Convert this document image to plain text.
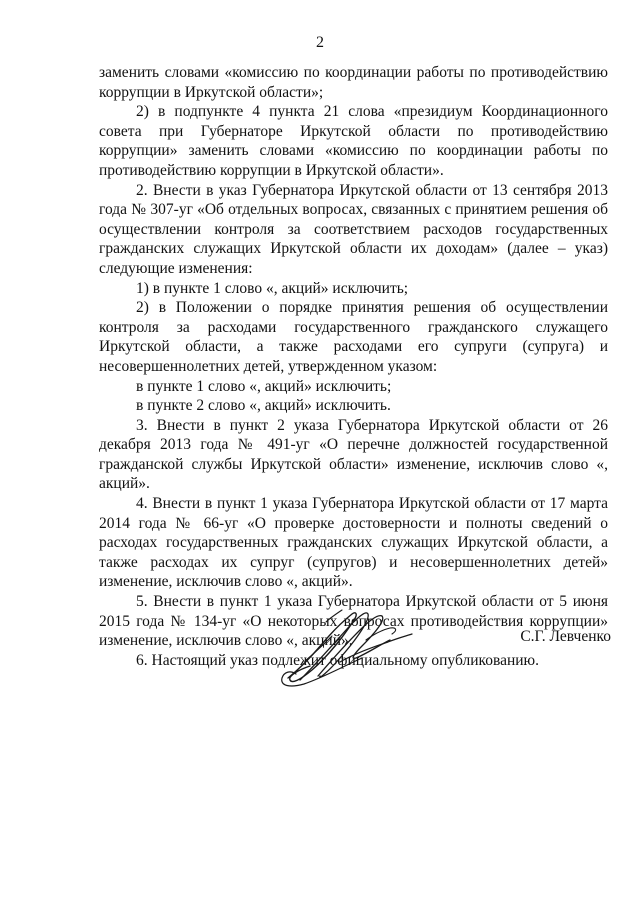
2

заменить словами «комиссию по координации работы по противодействию коррупции в Иркутской области»;

2) в подпункте 4 пункта 21 слова «президиум Координационного совета при Губернаторе Иркутской области по противодействию коррупции» заменить словами «комиссию по координации работы по противодействию коррупции в Иркутской области».

2. Внести в указ Губернатора Иркутской области от 13 сентября 2013 года № 307-уг «Об отдельных вопросах, связанных с принятием решения об осуществлении контроля за соответствием расходов государственных гражданских служащих Иркутской области их доходам» (далее – указ) следующие изменения:

1) в пункте 1 слово «, акций» исключить;

2) в Положении о порядке принятия решения об осуществлении контроля за расходами государственного гражданского служащего Иркутской области, а также расходами его супруги (супруга) и несовершеннолетних детей, утвержденном указом:

в пункте 1 слово «, акций» исключить;

в пункте 2 слово «, акций» исключить.

3. Внести в пункт 2 указа Губернатора Иркутской области от 26 декабря 2013 года № 491-уг «О перечне должностей государственной гражданской службы Иркутской области» изменение, исключив слово «, акций».

4. Внести в пункт 1 указа Губернатора Иркутской области от 17 марта 2014 года № 66-уг «О проверке достоверности и полноты сведений о расходах государственных гражданских служащих Иркутской области, а также расходах их супруг (супругов) и несовершеннолетних детей» изменение, исключив слово «, акций».

5. Внести в пункт 1 указа Губернатора Иркутской области от 5 июня 2015 года № 134-уг «О некоторых вопросах противодействия коррупции» изменение, исключив слово «, акций».

6. Настоящий указ подлежит официальному опубликованию.

С.Г. Левченко
